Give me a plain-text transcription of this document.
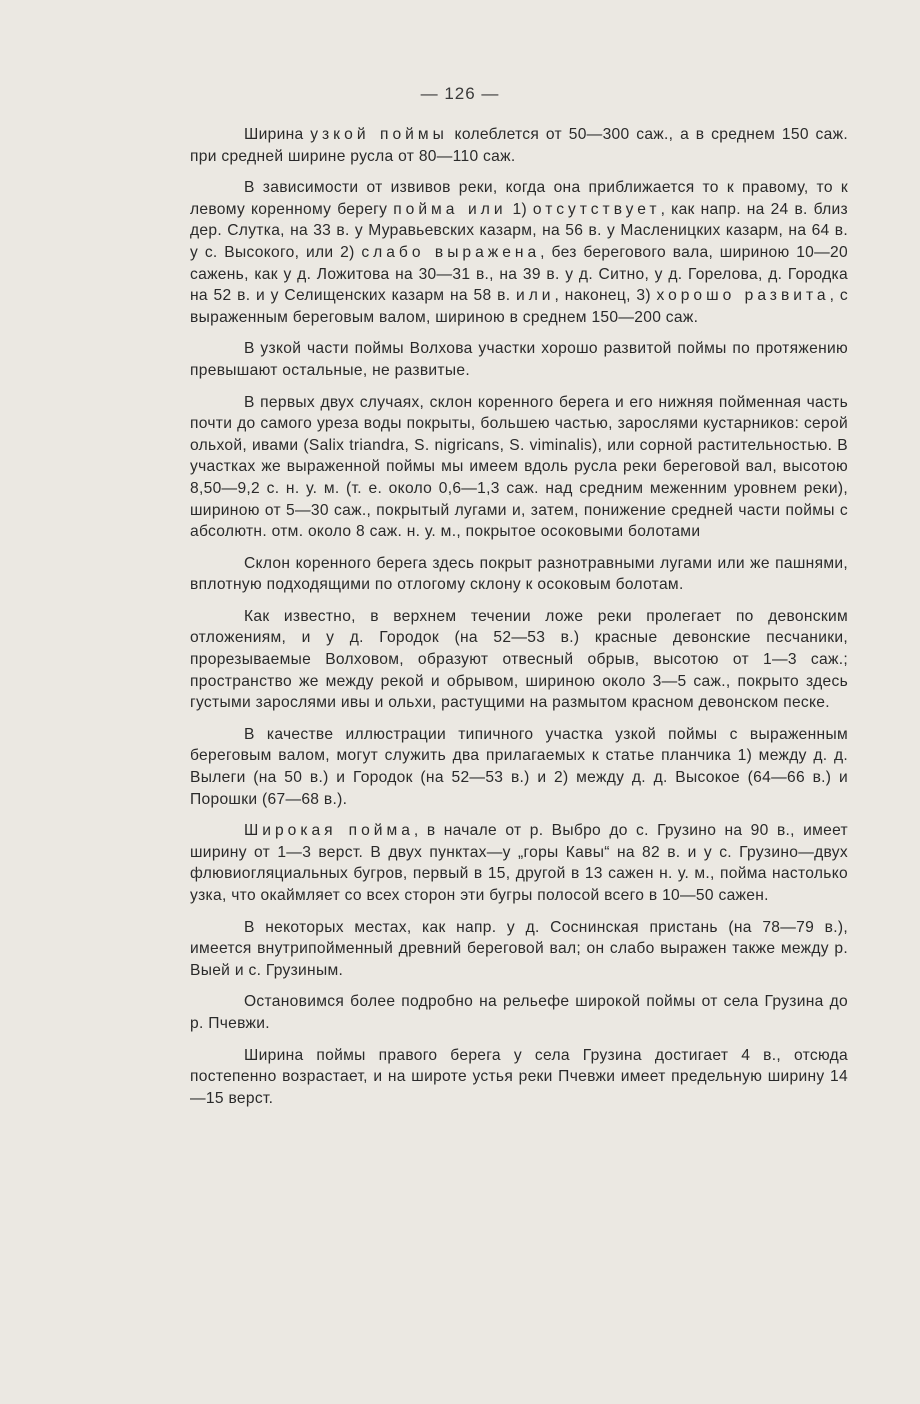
— 126 —

Ширина узкой поймы колеблется от 50—300 саж., а в среднем 150 саж. при средней ширине русла от 80—110 саж.

В зависимости от извивов реки, когда она приближается то к правому, то к левому коренному берегу пойма или 1) отсутствует, как напр. на 24 в. близ дер. Слутка, на 33 в. у Муравьевских казарм, на 56 в. у Масленицких казарм, на 64 в. у с. Высокого, или 2) слабо выражена, без берегового вала, шириною 10—20 сажень, как у д. Ложитова на 30—31 в., на 39 в. у д. Ситно, у д. Горелова, д. Городка на 52 в. и у Селищенских казарм на 58 в. или, наконец, 3) хорошо развита, с выраженным береговым валом, шириною в среднем 150—200 саж.

В узкой части поймы Волхова участки хорошо развитой поймы по протяжению превышают остальные, не развитые.

В первых двух случаях, склон коренного берега и его нижняя пойменная часть почти до самого уреза воды покрыты, большею частью, зарослями кустарников: серой ольхой, ивами (Salix triandra, S. nigricans, S. viminalis), или сорной растительностью. В участках же выраженной поймы мы имеем вдоль русла реки береговой вал, высотою 8,50—9,2 с. н. у. м. (т. е. около 0,6—1,3 саж. над средним меженним уровнем реки), шириною от 5—30 саж., покрытый лугами и, затем, понижение средней части поймы с абсолютн. отм. около 8 саж. н. у. м., покрытое осоковыми болотами

Склон коренного берега здесь покрыт разнотравными лугами или же пашнями, вплотную подходящими по отлогому склону к осоковым болотам.

Как известно, в верхнем течении ложе реки пролегает по девонским отложениям, и у д. Городок (на 52—53 в.) красные девонские песчаники, прорезываемые Волховом, образуют отвесный обрыв, высотою от 1—3 саж.; пространство же между рекой и обрывом, шириною около 3—5 саж., покрыто здесь густыми зарослями ивы и ольхи, растущими на размытом красном девонском песке.

В качестве иллюстрации типичного участка узкой поймы с выраженным береговым валом, могут служить два прилагаемых к статье планчика 1) между д. д. Вылеги (на 50 в.) и Городок (на 52—53 в.) и 2) между д. д. Высокое (64—66 в.) и Порошки (67—68 в.).

Широкая пойма, в начале от р. Выбро до с. Грузино на 90 в., имеет ширину от 1—3 верст. В двух пунктах—у „горы Кавы“ на 82 в. и у с. Грузино—двух флювиогляциальных бугров, первый в 15, другой в 13 сажен н. у. м., пойма настолько узка, что окаймляет со всех сторон эти бугры полосой всего в 10—50 сажен.

В некоторых местах, как напр. у д. Соснинская пристань (на 78—79 в.), имеется внутрипойменный древний береговой вал; он слабо выражен также между р. Выей и с. Грузиным.

Остановимся более подробно на рельефе широкой поймы от села Грузина до р. Пчевжи.

Ширина поймы правого берега у села Грузина достигает 4 в., отсюда постепенно возрастает, и на широте устья реки Пчевжи имеет предельную ширину 14—15 верст.
